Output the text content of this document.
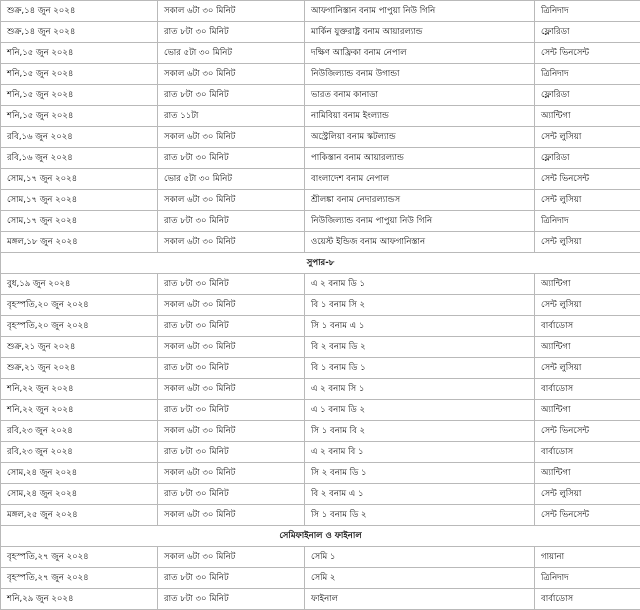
শুক্র,১৪ জুন ২০২৪	সকাল ৬টা ৩০ মিনিট	আফগানিস্তান বনাম পাপুয়া নিউ গিনি	ত্রিনিদাদ
শুক্র,১৪ জুন ২০২৪	রাত ৮টা ৩০ মিনিট	মার্কিন যুক্তরাষ্ট্র বনাম আয়ারল্যান্ড	ফ্লোরিডা
শনি,১৫ জুন ২০২৪	ভোর ৫টা ৩০ মিনিট	দক্ষিণ আফ্রিকা বনাম নেপাল	সেন্ট ভিনসেন্ট
শনি,১৫ জুন ২০২৪	সকাল ৬টা ৩০ মিনিট	নিউজিল্যান্ড বনাম উগান্ডা	ত্রিনিদাদ
শনি,১৫ জুন ২০২৪	রাত ৮টা ৩০ মিনিট	ভারত বনাম কানাডা	ফ্লোরিডা
শনি,১৫ জুন ২০২৪	রাত ১১টা	নামিবিয়া বনাম ইংল্যান্ড	অ্যান্টিগা
রবি,১৬ জুন ২০২৪	সকাল ৬টা ৩০ মিনিট	অস্ট্রেলিয়া বনাম স্কটল্যান্ড	সেন্ট লুসিয়া
রবি,১৬ জুন ২০২৪	রাত ৮টা ৩০ মিনিট	পাকিস্তান বনাম আয়ারল্যান্ড	ফ্লোরিডা
সোম,১৭ জুন ২০২৪	ভোর ৫টা ৩০ মিনিট	বাংলাদেশ বনাম নেপাল	সেন্ট ভিনসেন্ট
সোম,১৭ জুন ২০২৪	সকাল ৬টা ৩০ মিনিট	শ্রীলঙ্কা বনাম নেদারল্যান্ডস	সেন্ট লুসিয়া
সোম,১৭ জুন ২০২৪	রাত ৮টা ৩০ মিনিট	নিউজিল্যান্ড বনাম পাপুয়া নিউ গিনি	ত্রিনিদাদ
মঙ্গল,১৮ জুন ২০২৪	সকাল ৬টা ৩০ মিনিট	ওয়েস্ট ইন্ডিজ বনাম আফগানিস্তান	সেন্ট লুসিয়া
সুপার-৮			
বুধ,১৯ জুন ২০২৪	রাত ৮টা ৩০ মিনিট	এ ২ বনাম ডি ১	অ্যান্টিগা
বৃহস্পতি,২০ জুন ২০২৪	সকাল ৬টা ৩০ মিনিট	বি ১ বনাম সি ২	সেন্ট লুসিয়া
বৃহস্পতি,২০ জুন ২০২৪	রাত ৮টা ৩০ মিনিট	সি ১ বনাম এ ১	বার্বাডোস
শুক্র,২১ জুন ২০২৪	সকাল ৬টা ৩০ মিনিট	বি ২ বনাম ডি ২	অ্যান্টিগা
শুক্র,২১ জুন ২০২৪	রাত ৮টা ৩০ মিনিট	বি ১ বনাম ডি ১	সেন্ট লুসিয়া
শনি,২২ জুন ২০২৪	সকাল ৬টা ৩০ মিনিট	এ ২ বনাম সি ১	বার্বাডোস
শনি,২২ জুন ২০২৪	রাত ৮টা ৩০ মিনিট	এ ১ বনাম ডি ২	অ্যান্টিগা
রবি,২৩ জুন ২০২৪	সকাল ৬টা ৩০ মিনিট	সি ১ বনাম বি ২	সেন্ট ভিনসেন্ট
রবি,২৩ জুন ২০২৪	রাত ৮টা ৩০ মিনিট	এ ২ বনাম বি ১	বার্বাডোস
সোম,২৪ জুন ২০২৪	সকাল ৬টা ৩০ মিনিট	সি ২ বনাম ডি ১	অ্যান্টিগা
সোম,২৪ জুন ২০২৪	রাত ৮টা ৩০ মিনিট	বি ২ বনাম এ ১	সেন্ট লুসিয়া
মঙ্গল,২৫ জুন ২০২৪	সকাল ৬টা ৩০ মিনিট	সি ১ বনাম ডি ২	সেন্ট ভিনসেন্ট
সেমিফাইনাল ও ফাইনাল			
বৃহস্পতি,২৭ জুন ২০২৪	সকাল ৬টা ৩০ মিনিট	সেমি ১	গায়ানা
বৃহস্পতি,২৭ জুন ২০২৪	রাত ৮টা ৩০ মিনিট	সেমি ২	ত্রিনিদাদ
শনি,২৯ জুন ২০২৪	রাত ৮টা ৩০ মিনিট	ফাইনাল	বার্বাডোস
